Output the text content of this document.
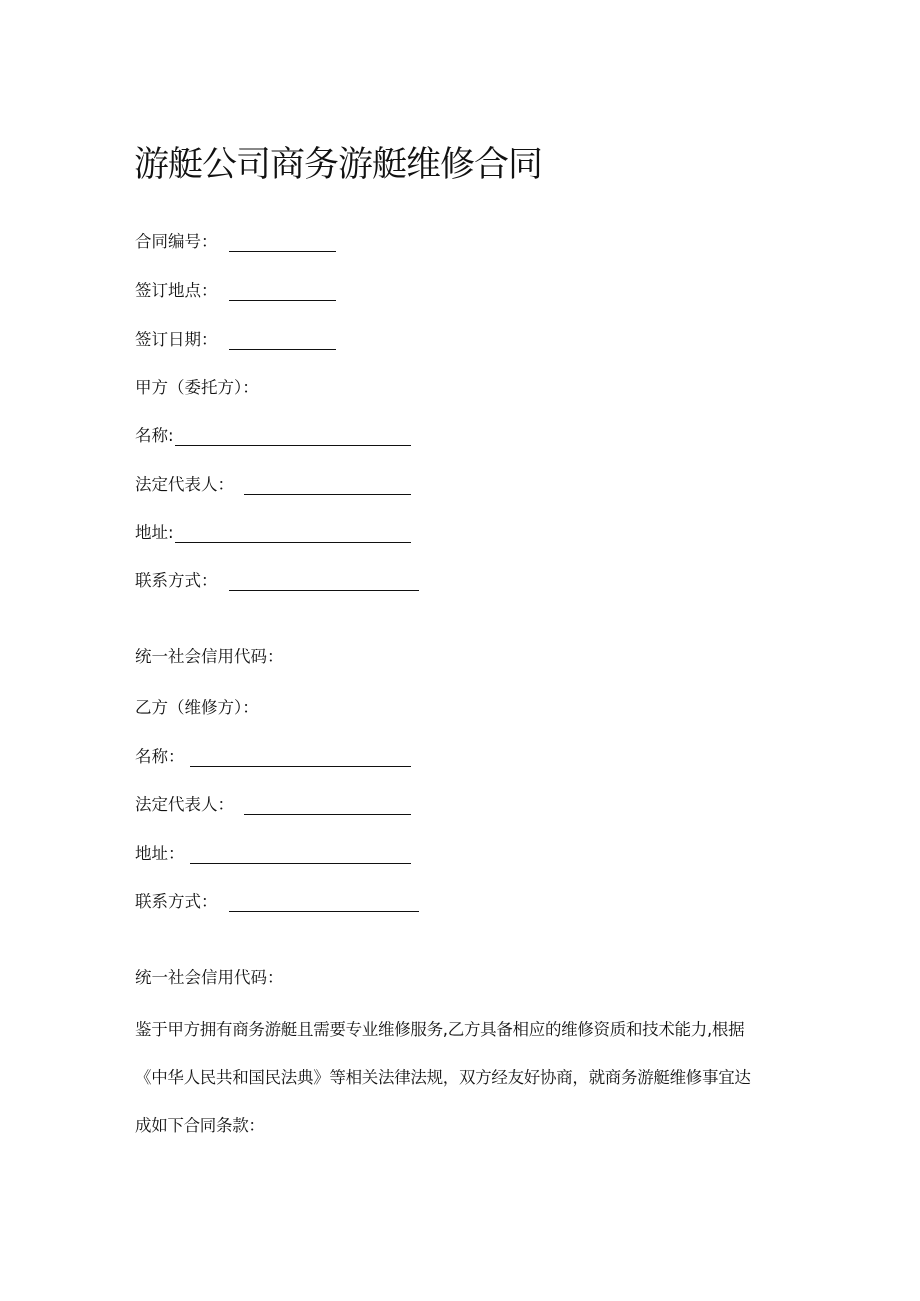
游艇公司商务游艇维修合同
合同编号：
签订地点：
签订日期：
甲方（委托方）：
名称:
法定代表人：
地址:
联系方式：
统一社会信用代码：
乙方（维修方）：
名称：
法定代表人：
地址：
联系方式：
统一社会信用代码：
鉴于甲方拥有商务游艇且需要专业维修服务,乙方具备相应的维修资质和技术能力,根据
《中华人民共和国民法典》等相关法律法规，双方经友好协商，就商务游艇维修事宜达
成如下合同条款：
